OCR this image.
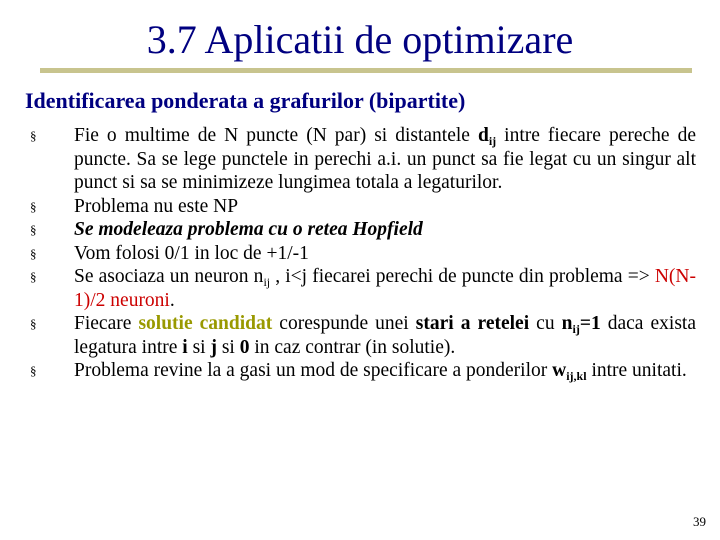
3.7 Aplicatii de optimizare
Identificarea ponderata a grafurilor (bipartite)
§ Fie o multime de N puncte (N par) si distantele $d_{ij}$ intre fiecare pereche de puncte. Sa se lege punctele in perechi a.i. un punct sa fie legat cu un singur alt punct si sa se minimizeze lungimea totala a legaturilor.
§ Problema nu este NP
§ Se modeleaza problema cu o retea Hopfield
§ Vom folosi 0/1 in loc de +1/-1
§ Se asociaza un neuron $n_{ij}$ , i<j fiecarei perechi de puncte din problema => N(N-1)/2 neuroni.
§ Fiecare solutie candidat corespunde unei stari a retelei cu $n_{ij}=1$ daca exista legatura intre i si j si 0 in caz contrar (in solutie).
§ Problema revine la a gasi un mod de specificare a ponderilor $w_{ij,kl}$ intre unitati.
39
